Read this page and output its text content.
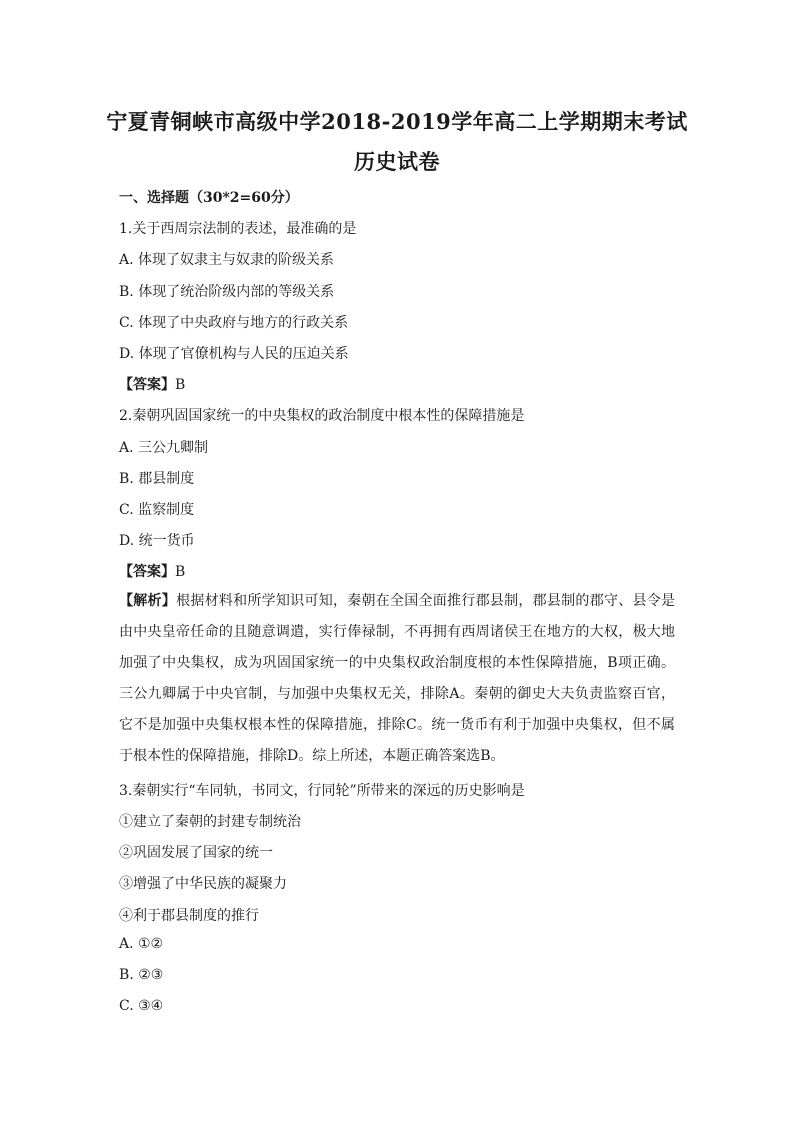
宁夏青铜峡市高级中学2018-2019学年高二上学期期末考试
历史试卷
一、选择题（30*2=60分）
1.关于西周宗法制的表述，最准确的是
A. 体现了奴隶主与奴隶的阶级关系
B. 体现了统治阶级内部的等级关系
C. 体现了中央政府与地方的行政关系
D. 体现了官僚机构与人民的压迫关系
【答案】B
2.秦朝巩固国家统一的中央集权的政治制度中根本性的保障措施是
A. 三公九卿制
B. 郡县制度
C. 监察制度
D. 统一货币
【答案】B
【解析】根据材料和所学知识可知，秦朝在全国全面推行郡县制，郡县制的郡守、县令是由中央皇帝任命的且随意调遣，实行俸禄制，不再拥有西周诸侯王在地方的大权，极大地加强了中央集权，成为巩固国家统一的中央集权政治制度根的本性保障措施，B项正确。三公九卿属于中央官制，与加强中央集权无关，排除A。秦朝的御史大夫负责监察百官，它不是加强中央集权根本性的保障措施，排除C。统一货币有利于加强中央集权，但不属于根本性的保障措施，排除D。综上所述，本题正确答案选B。
3.秦朝实行“车同轨，书同文，行同轮”所带来的深远的历史影响是
①建立了秦朝的封建专制统治
②巩固发展了国家的统一
③增强了中华民族的凝聚力
④利于郡县制度的推行
A. ①②
B. ②③
C. ③④
